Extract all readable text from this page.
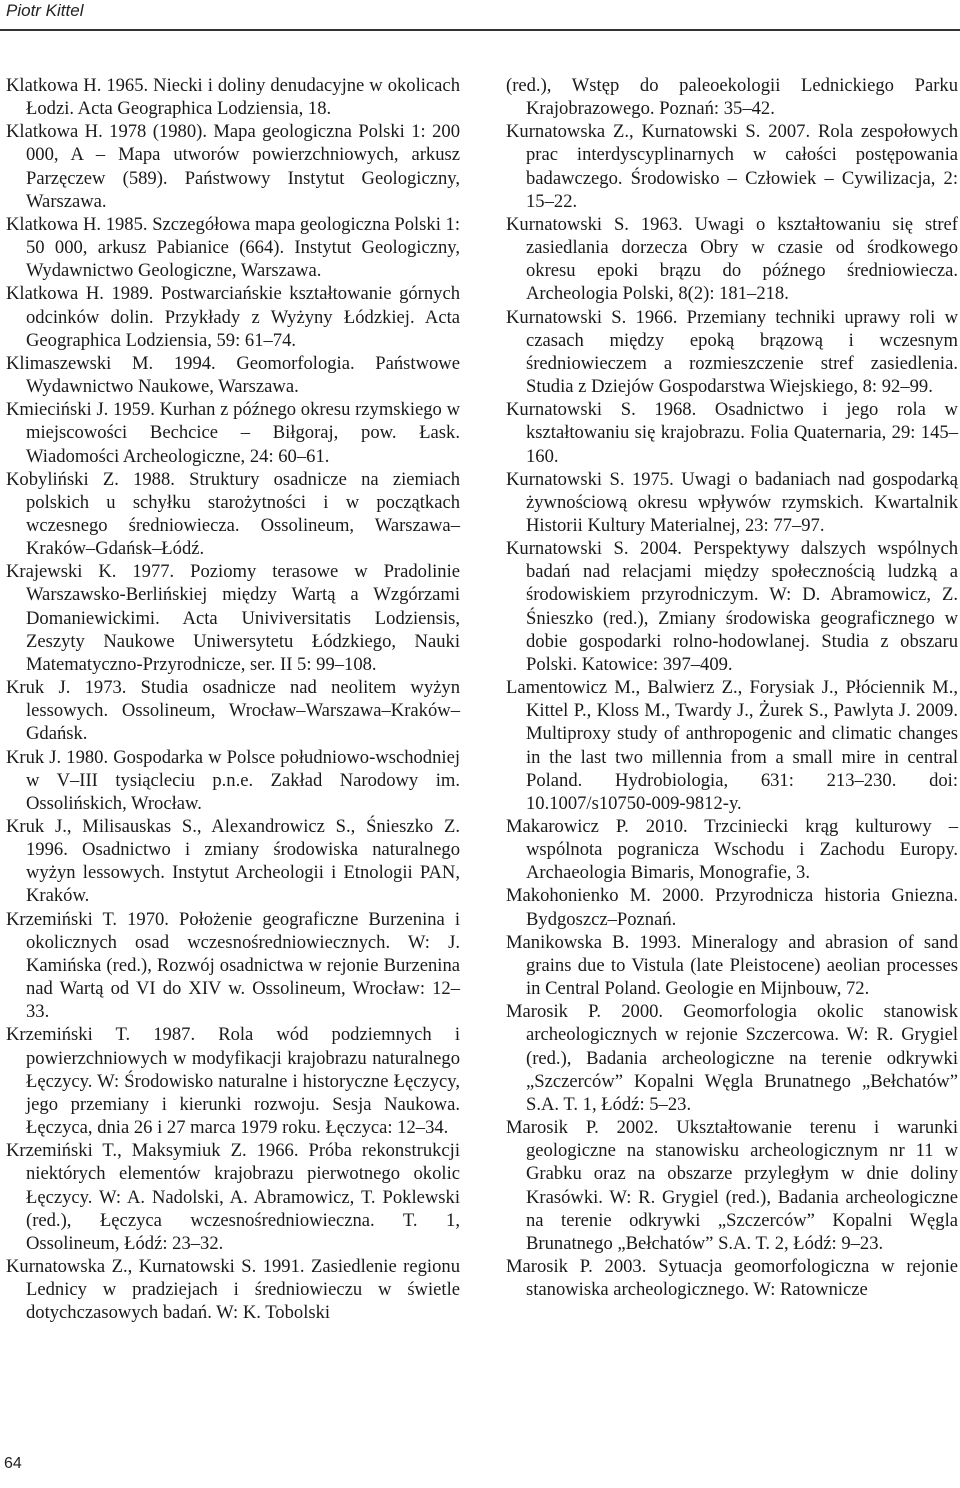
Piotr Kittel

Klatkowa H. 1965. Niecki i doliny denudacyjne w okolicach Łodzi. Acta Geographica Lodziensia, 18.

Klatkowa H. 1978 (1980). Mapa geologiczna Polski 1: 200 000, A – Mapa utworów powierzchniowych, arkusz Parzęczew (589). Państwowy Instytut Geologiczny, Warszawa.

Klatkowa H. 1985. Szczegółowa mapa geologiczna Polski 1: 50 000, arkusz Pabianice (664). Instytut Geologiczny, Wydawnictwo Geologiczne, Warszawa.

Klatkowa H. 1989. Postwarciańskie kształtowanie górnych odcinków dolin. Przykłady z Wyżyny Łódzkiej. Acta Geographica Lodziensia, 59: 61–74.

Klimaszewski M. 1994. Geomorfologia. Państwowe Wydawnictwo Naukowe, Warszawa.

Kmieciński J. 1959. Kurhan z późnego okresu rzymskiego w miejscowości Bechcice – Biłgoraj, pow. Łask. Wiadomości Archeologiczne, 24: 60–61.

Kobyliński Z. 1988. Struktury osadnicze na ziemiach polskich u schyłku starożytności i w początkach wczesnego średniowiecza. Ossolineum, Warszawa–Kraków–Gdańsk–Łódź.

Krajewski K. 1977. Poziomy terasowe w Pradolinie Warszawsko-Berlińskiej między Wartą a Wzgórzami Domaniewickimi. Acta Univiversitatis Lodziensis, Zeszyty Naukowe Uniwersytetu Łódzkiego, Nauki Matematyczno-Przyrodnicze, ser. II 5: 99–108.

Kruk J. 1973. Studia osadnicze nad neolitem wyżyn lessowych. Ossolineum, Wrocław–Warszawa–Kraków–Gdańsk.

Kruk J. 1980. Gospodarka w Polsce południowo-wschodniej w V–III tysiącleciu p.n.e. Zakład Narodowy im. Ossolińskich, Wrocław.

Kruk J., Milisauskas S., Alexandrowicz S., Śnieszko Z. 1996. Osadnictwo i zmiany środowiska naturalnego wyżyn lessowych. Instytut Archeologii i Etnologii PAN, Kraków.

Krzemiński T. 1970. Położenie geograficzne Burzenina i okolicznych osad wczesnośredniowiecznych. W: J. Kamińska (red.), Rozwój osadnictwa w rejonie Burzenina nad Wartą od VI do XIV w. Ossolineum, Wrocław: 12–33.

Krzemiński T. 1987. Rola wód podziemnych i powierzchniowych w modyfikacji krajobrazu naturalnego Łęczycy. W: Środowisko naturalne i historyczne Łęczycy, jego przemiany i kierunki rozwoju. Sesja Naukowa. Łęczyca, dnia 26 i 27 marca 1979 roku. Łęczyca: 12–34.

Krzemiński T., Maksymiuk Z. 1966. Próba rekonstrukcji niektórych elementów krajobrazu pierwotnego okolic Łęczycy. W: A. Nadolski, A. Abramowicz, T. Poklewski (red.), Łęczyca wczesnośredniowieczna. T. 1, Ossolineum, Łódź: 23–32.

Kurnatowska Z., Kurnatowski S. 1991. Zasiedlenie regionu Lednicy w pradziejach i średniowieczu w świetle dotychczasowych badań. W: K. Tobolski

(red.), Wstęp do paleoekologii Lednickiego Parku Krajobrazowego. Poznań: 35–42.

Kurnatowska Z., Kurnatowski S. 2007. Rola zespołowych prac interdyscyplinarnych w całości postępowania badawczego. Środowisko – Człowiek – Cywilizacja, 2: 15–22.

Kurnatowski S. 1963. Uwagi o kształtowaniu się stref zasiedlania dorzecza Obry w czasie od środkowego okresu epoki brązu do późnego średniowiecza. Archeologia Polski, 8(2): 181–218.

Kurnatowski S. 1966. Przemiany techniki uprawy roli w czasach między epoką brązową i wczesnym średniowieczem a rozmieszczenie stref zasiedlenia. Studia z Dziejów Gospodarstwa Wiejskiego, 8: 92–99.

Kurnatowski S. 1968. Osadnictwo i jego rola w kształtowaniu się krajobrazu. Folia Quaternaria, 29: 145–160.

Kurnatowski S. 1975. Uwagi o badaniach nad gospodarką żywnościową okresu wpływów rzymskich. Kwartalnik Historii Kultury Materialnej, 23: 77–97.

Kurnatowski S. 2004. Perspektywy dalszych wspólnych badań nad relacjami między społecznością ludzką a środowiskiem przyrodniczym. W: D. Abramowicz, Z. Śnieszko (red.), Zmiany środowiska geograficznego w dobie gospodarki rolno-hodowlanej. Studia z obszaru Polski. Katowice: 397–409.

Lamentowicz M., Balwierz Z., Forysiak J., Płóciennik M., Kittel P., Kloss M., Twardy J., Żurek S., Pawlyta J. 2009. Multiproxy study of anthropogenic and climatic changes in the last two millennia from a small mire in central Poland. Hydrobiologia, 631: 213–230. doi: 10.1007/s10750-009-9812-y.

Makarowicz P. 2010. Trzciniecki krąg kulturowy – wspólnota pogranicza Wschodu i Zachodu Europy. Archaeologia Bimaris, Monografie, 3.

Makohonienko M. 2000. Przyrodnicza historia Gniezna. Bydgoszcz–Poznań.

Manikowska B. 1993. Mineralogy and abrasion of sand grains due to Vistula (late Pleistocene) aeolian processes in Central Poland. Geologie en Mijnbouw, 72.

Marosik P. 2000. Geomorfologia okolic stanowisk archeologicznych w rejonie Szczercowa. W: R. Grygiel (red.), Badania archeologiczne na terenie odkrywki „Szczerców” Kopalni Węgla Brunatnego „Bełchatów” S.A. T. 1, Łódź: 5–23.

Marosik P. 2002. Ukształtowanie terenu i warunki geologiczne na stanowisku archeologicznym nr 11 w Grabku oraz na obszarze przyległym w dnie doliny Krasówki. W: R. Grygiel (red.), Badania archeologiczne na terenie odkrywki „Szczerców” Kopalni Węgla Brunatnego „Bełchatów” S.A. T. 2, Łódź: 9–23.

Marosik P. 2003. Sytuacja geomorfologiczna w rejonie stanowiska archeologicznego. W: Ratownicze

64
